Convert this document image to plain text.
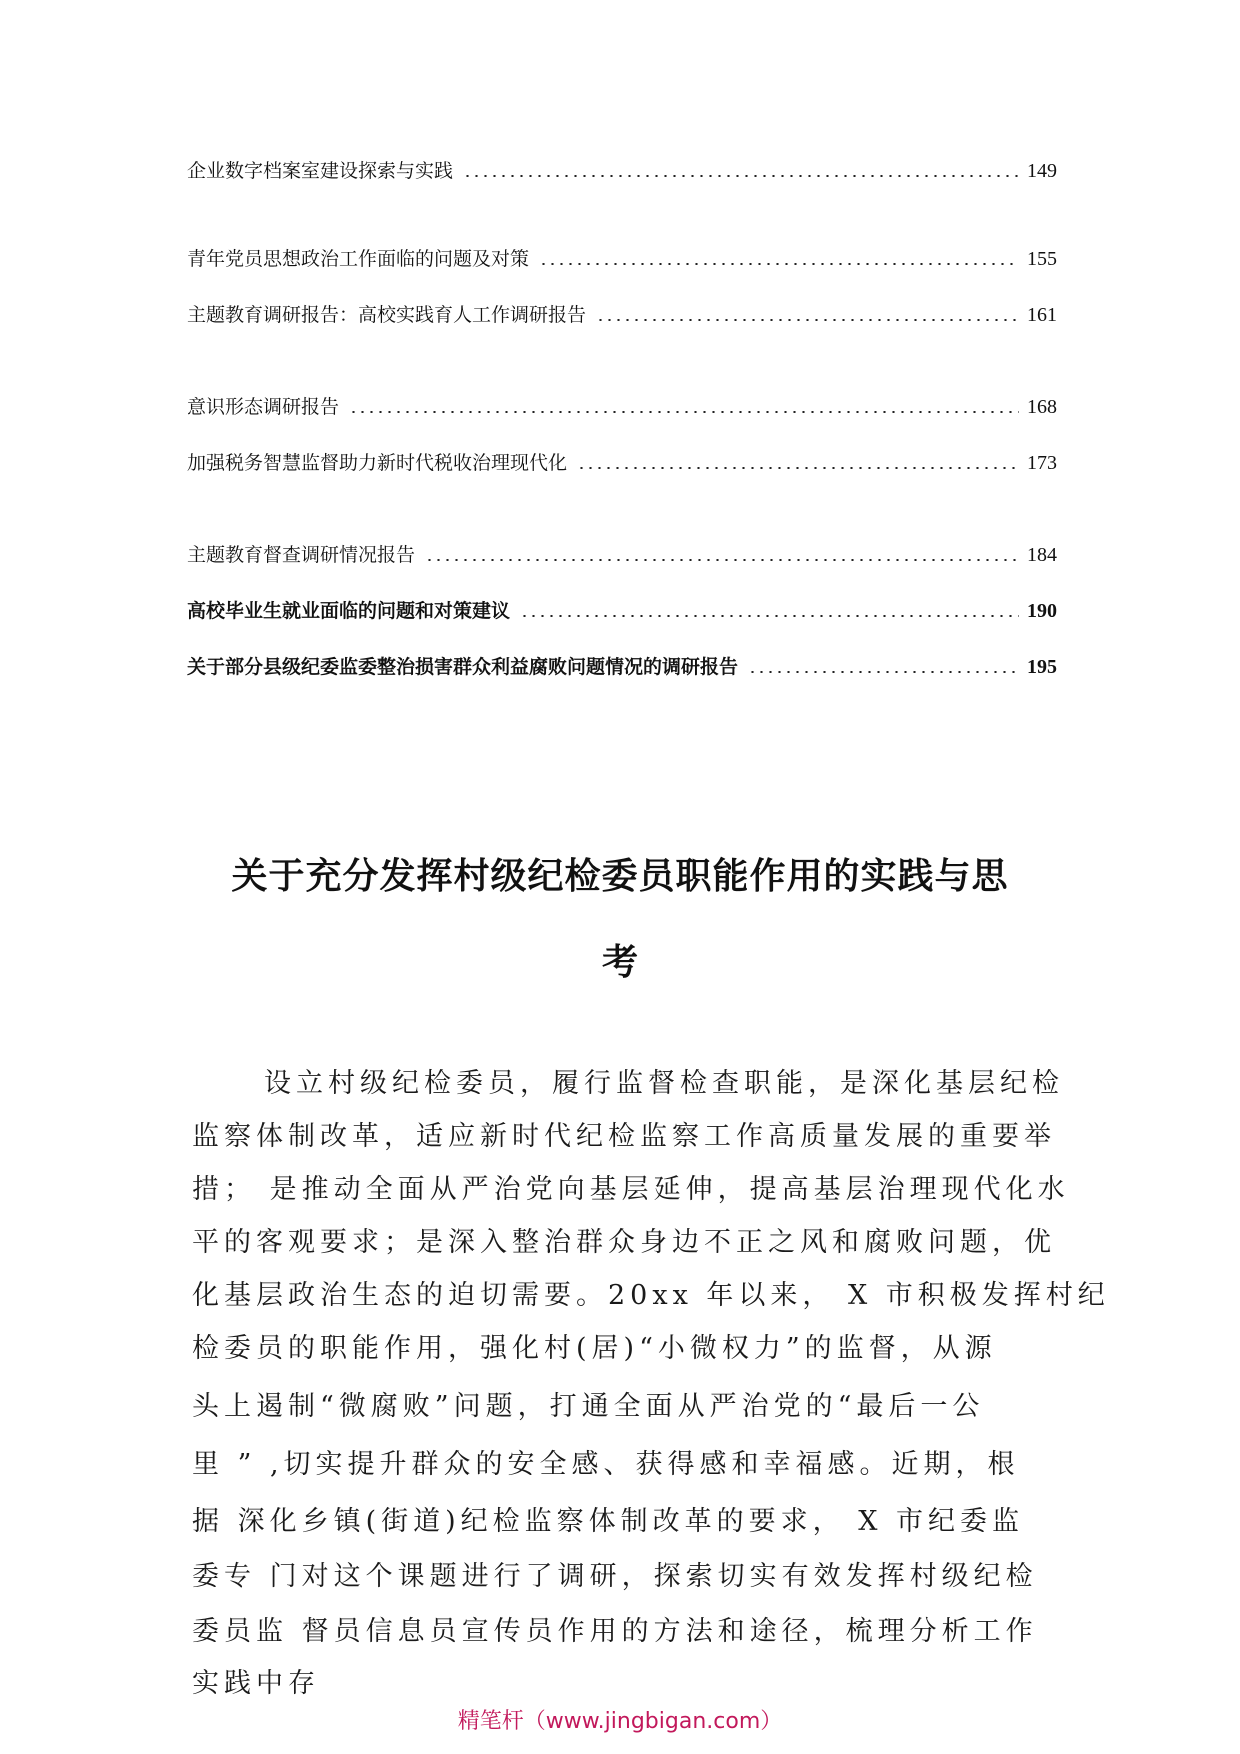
企业数字档案室建设探索与实践	149
青年党员思想政治工作面临的问题及对策	155
主题教育调研报告：高校实践育人工作调研报告	161
意识形态调研报告	168
加强税务智慧监督助力新时代税收治理现代化	173
主题教育督查调研情况报告	184
高校毕业生就业面临的问题和对策建议	190
关于部分县级纪委监委整治损害群众利益腐败问题情况的调研报告	195
关于充分发挥村级纪检委员职能作用的实践与思
考
设立村级纪检委员，履行监督检查职能，是深化基层纪检
监察体制改革，适应新时代纪检监察工作高质量发展的重要举
措； 是推动全面从严治党向基层延伸，提高基层治理现代化水
平的客观要求；是深入整治群众身边不正之风和腐败问题，优
化基层政治生态的迫切需要。20xx 年以来， X 市积极发挥村纪
检委员的职能作用，强化村(居)“小微权力”的监督，从源
头上遏制“微腐败”问题，打通全面从严治党的“最后一公
里 ” ,切实提升群众的安全感、获得感和幸福感。近期，根
据 深化乡镇(街道)纪检监察体制改革的要求， X 市纪委监
委专 门对这个课题进行了调研，探索切实有效发挥村级纪检
委员监 督员信息员宣传员作用的方法和途径，梳理分析工作
实践中存
精笔杆（www.jingbigan.com）
